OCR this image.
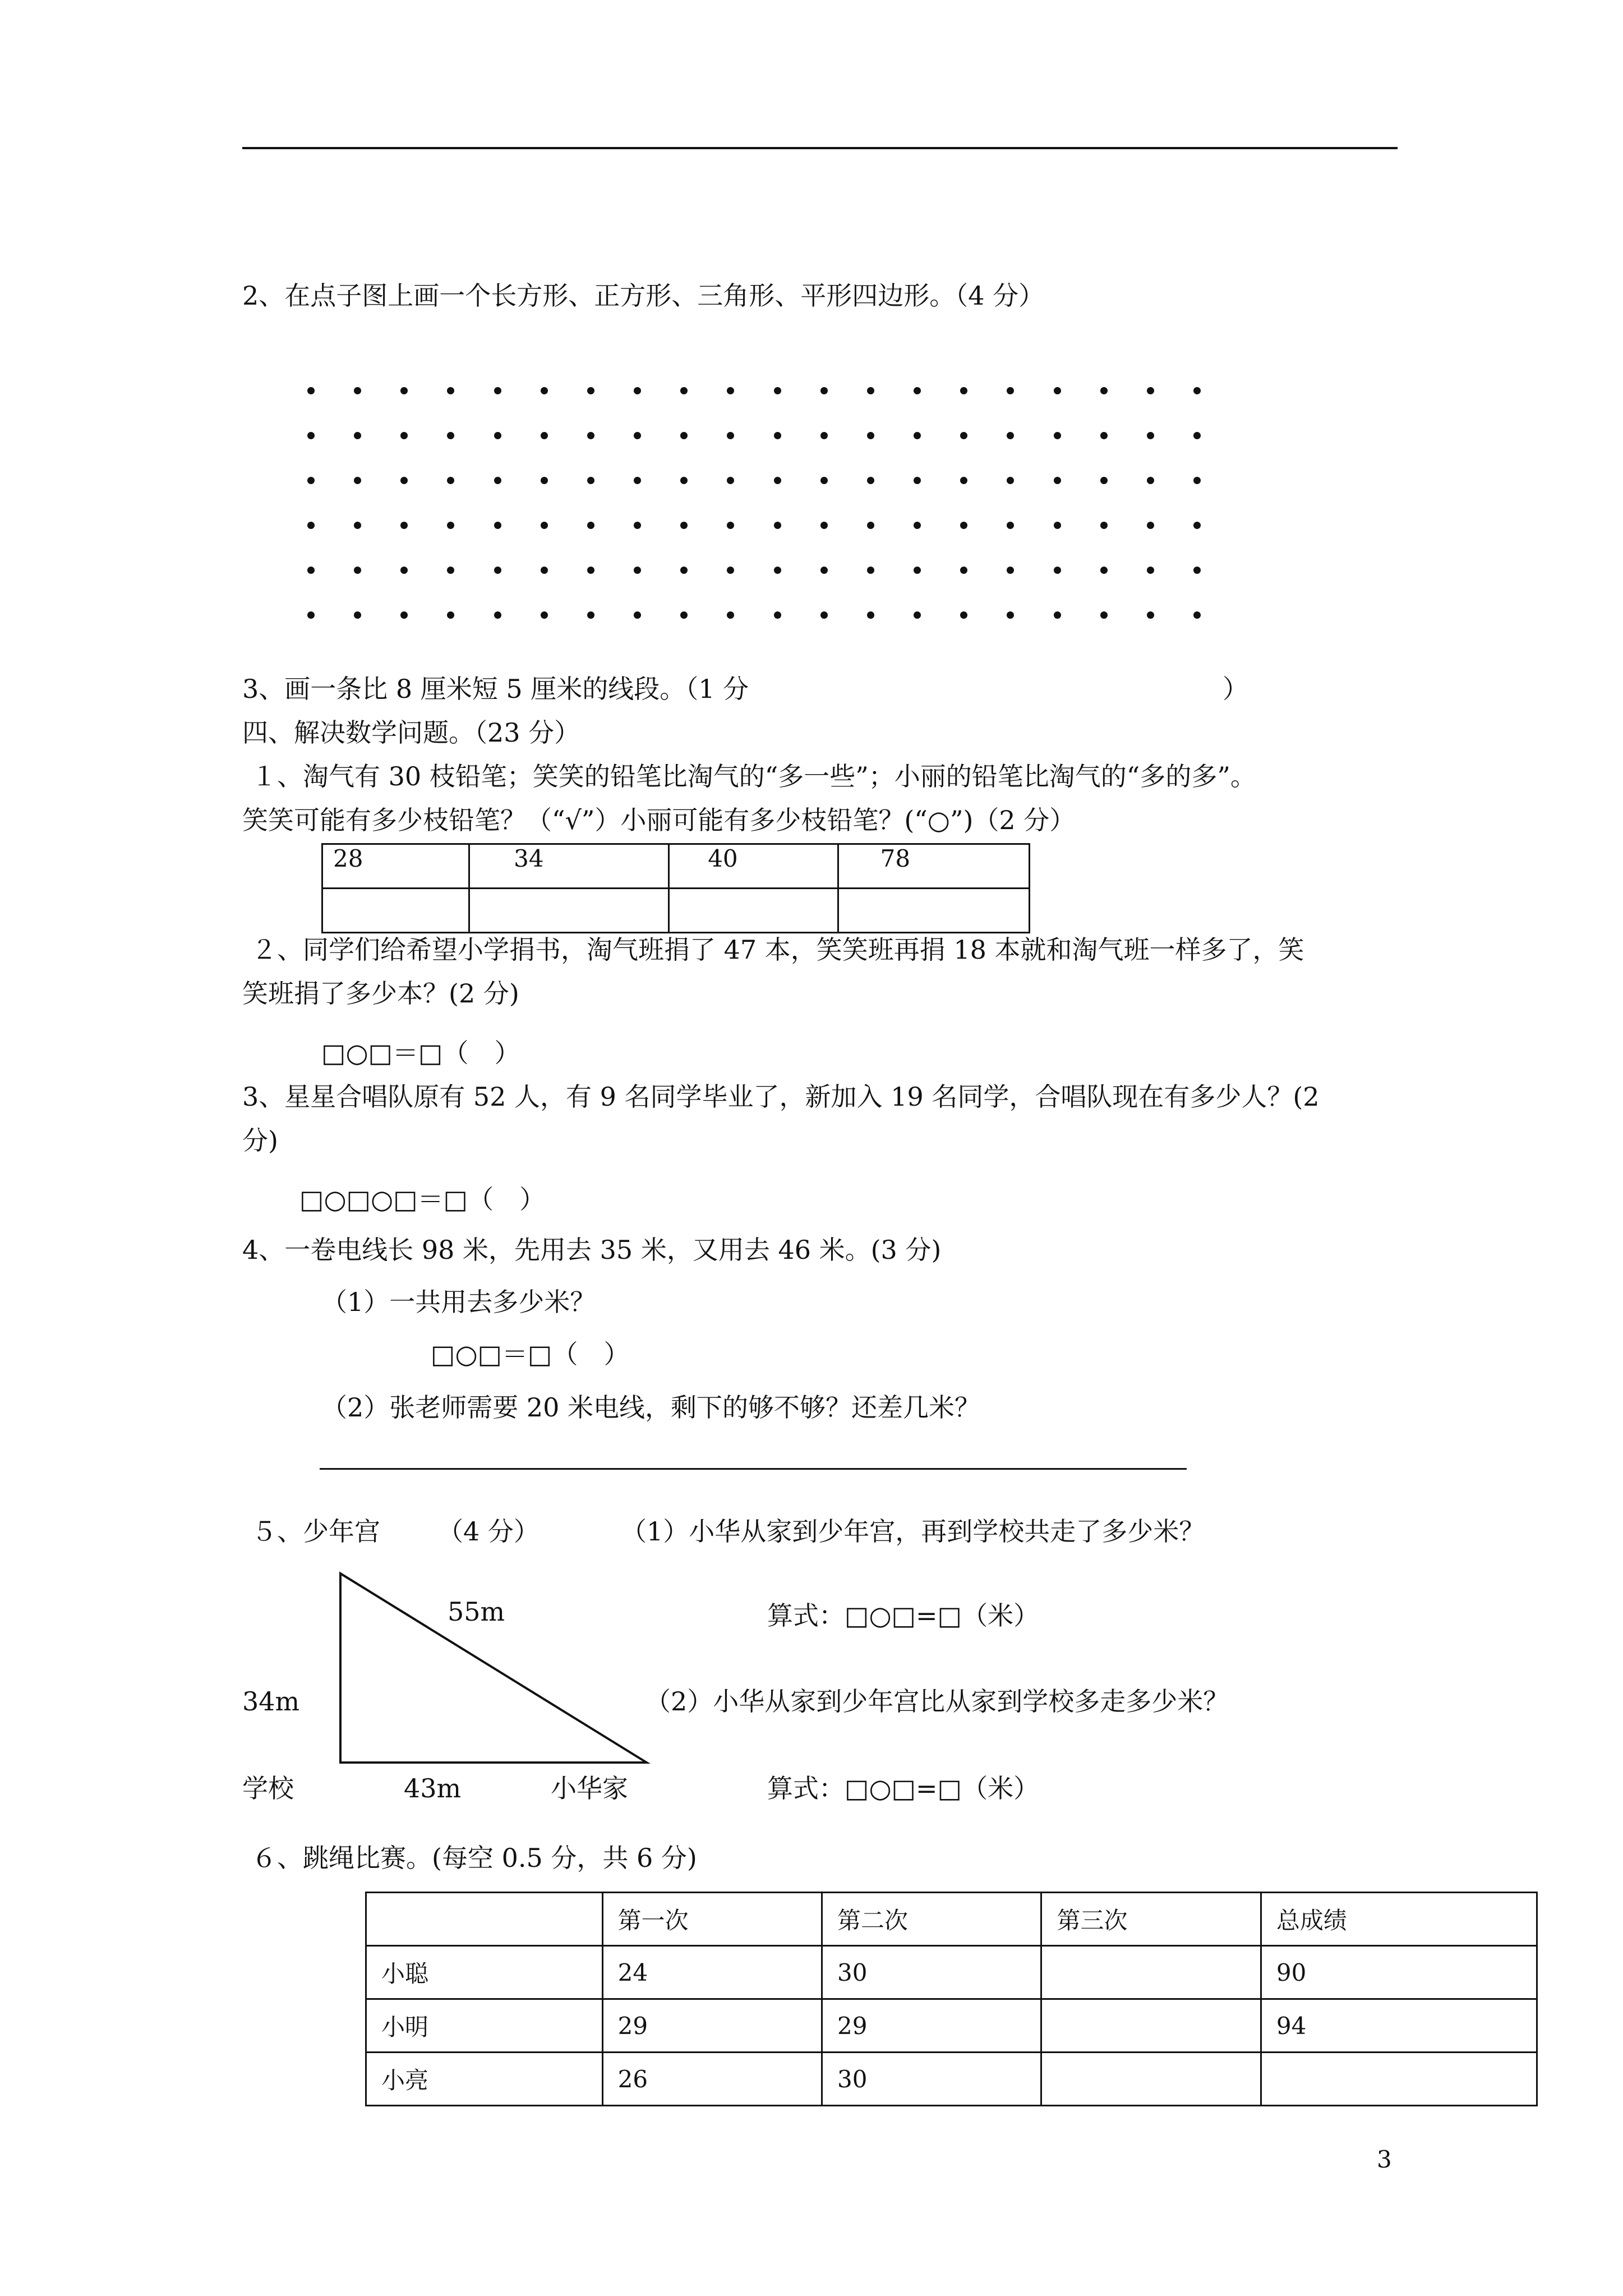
2、在点子图上画一个长方形、正方形、三角形、平形四边形。（4 分）
3、画一条比 8 厘米短 5 厘米的线段。（1 分	）
四、解决数学问题。（23 分）
１、淘气有 30 枝铅笔；笑笑的铅笔比淘气的“多一些”；小丽的铅笔比淘气的“多的多”。
笑笑可能有多少枝铅笔？（“√”）小丽可能有多少枝铅笔？(“○”)（2 分）
28	34	40	78

２、同学们给希望小学捐书，淘气班捐了 47 本，笑笑班再捐 18 本就和淘气班一样多了，笑
笑班捐了多少本？(2 分)
□○□＝□（　）
3、星星合唱队原有 52 人，有 9 名同学毕业了，新加入 19 名同学，合唱队现在有多少人？(2
分)
□○□○□＝□（　）
4、一卷电线长 98 米，先用去 35 米，又用去 46 米。(3 分)
（1）一共用去多少米？
□○□＝□（　）
（2）张老师需要 20 米电线，剩下的够不够？还差几米？
５、少年宫 （4 分）	（1）小华从家到少年宫，再到学校共走了多少米？
55m
34m
学校	43m	小华家
算式：□○□=□（米）
（2）小华从家到少年宫比从家到学校多走多少米？
算式：□○□=□（米）
６、跳绳比赛。(每空 0.5 分，共 6 分)
	第一次	第二次	第三次	总成绩
小聪	24	30		90
小明	29	29		94
小亮	26	30		
3
